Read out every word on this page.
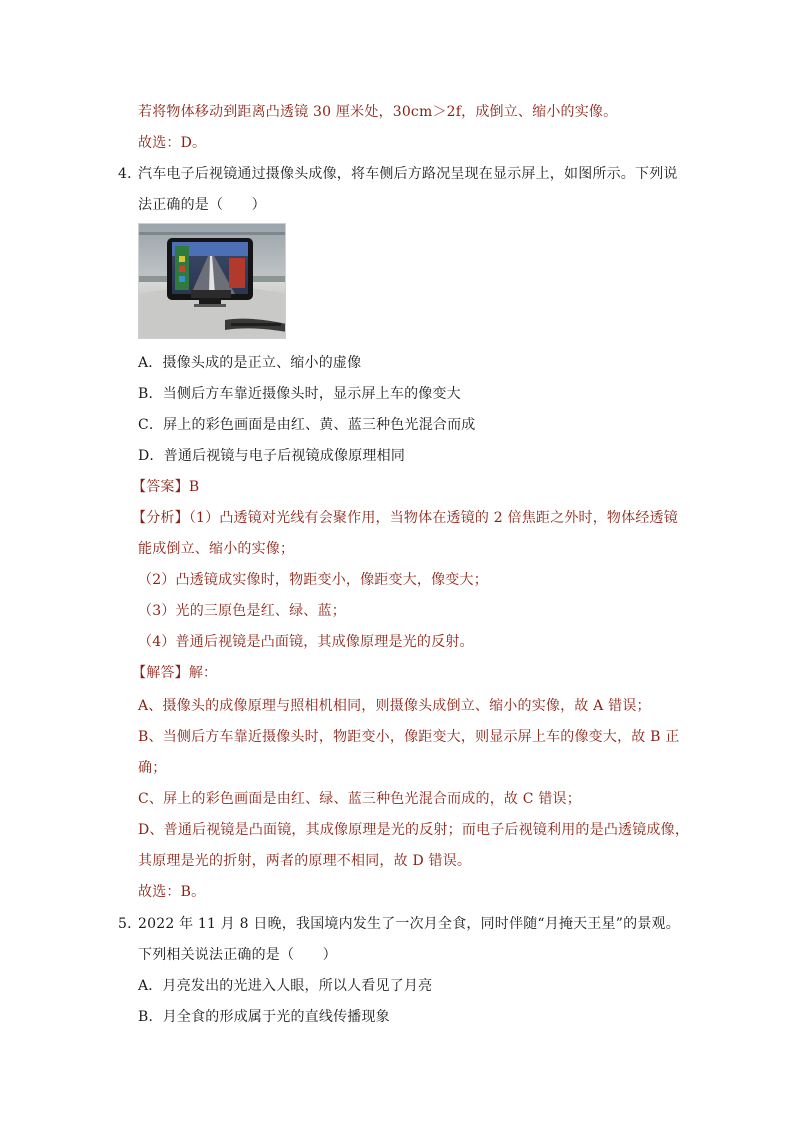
若将物体移动到距离凸透镜 30 厘米处，30cm＞2f，成倒立、缩小的实像。
故选：D。
4．
汽车电子后视镜通过摄像头成像，将车侧后方路况呈现在显示屏上，如图所示。下列说
法正确的是（　　）
A．摄像头成的是正立、缩小的虚像
B．当侧后方车靠近摄像头时，显示屏上车的像变大
C．屏上的彩色画面是由红、黄、蓝三种色光混合而成
D．普通后视镜与电子后视镜成像原理相同
【答案】B
【分析】（1）凸透镜对光线有会聚作用，当物体在透镜的 2 倍焦距之外时，物体经透镜
能成倒立、缩小的实像；
（2）凸透镜成实像时，物距变小，像距变大，像变大；
（3）光的三原色是红、绿、蓝；
（4）普通后视镜是凸面镜，其成像原理是光的反射。
【解答】解：
A、摄像头的成像原理与照相机相同，则摄像头成倒立、缩小的实像，故 A 错误；
B、当侧后方车靠近摄像头时，物距变小，像距变大，则显示屏上车的像变大，故 B 正
确；
C、屏上的彩色画面是由红、绿、蓝三种色光混合而成的，故 C 错误；
D、普通后视镜是凸面镜，其成像原理是光的反射；而电子后视镜利用的是凸透镜成像，
其原理是光的折射，两者的原理不相同，故 D 错误。
故选：B。
5．
2022 年 11 月 8 日晚，我国境内发生了一次月全食，同时伴随“月掩天王星”的景观。
下列相关说法正确的是（　　）
A．月亮发出的光进入人眼，所以人看见了月亮
B．月全食的形成属于光的直线传播现象
